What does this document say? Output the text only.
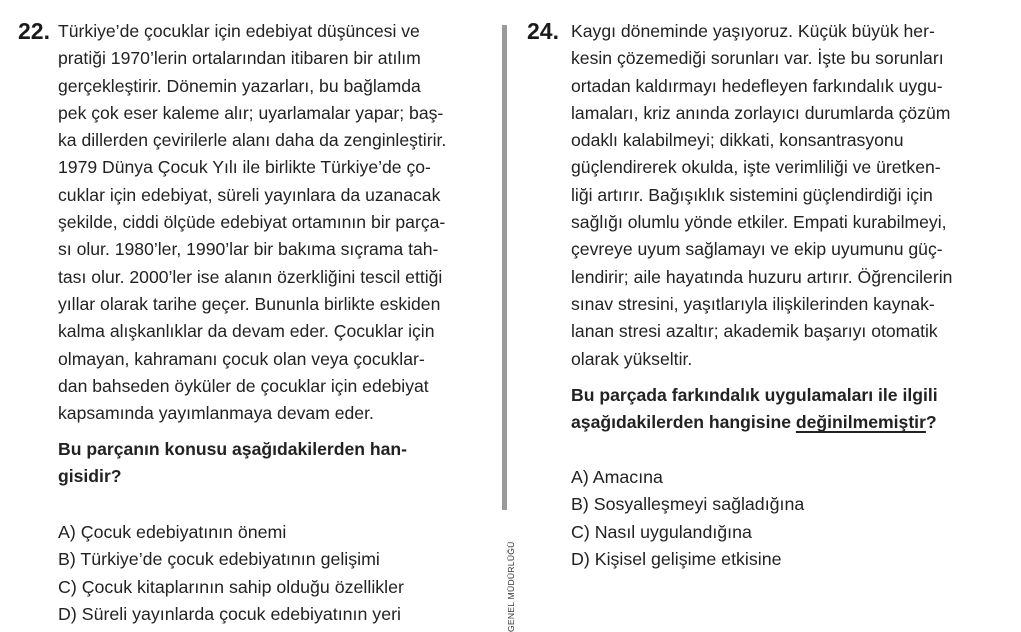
22. Türkiye’de çocuklar için edebiyat düşüncesi ve
pratiği 1970’lerin ortalarından itibaren bir atılım
gerçekleştirir. Dönemin yazarları, bu bağlamda
pek çok eser kaleme alır; uyarlamalar yapar; baş-
ka dillerden çevirilerle alanı daha da zenginleştirir.
1979 Dünya Çocuk Yılı ile birlikte Türkiye’de ço-
cuklar için edebiyat, süreli yayınlara da uzanacak
şekilde, ciddi ölçüde edebiyat ortamının bir parça-
sı olur. 1980’ler, 1990’lar bir bakıma sıçrama tah-
tası olur. 2000’ler ise alanın özerkliğini tescil ettiği
yıllar olarak tarihe geçer. Bununla birlikte eskiden
kalma alışkanlıklar da devam eder. Çocuklar için
olmayan, kahramanı çocuk olan veya çocuklar-
dan bahseden öyküler de çocuklar için edebiyat
kapsamında yayımlanmaya devam eder.
Bu parçanın konusu aşağıdakilerden han-
gisidir?
A) Çocuk edebiyatının önemi
B) Türkiye’de çocuk edebiyatının gelişimi
C) Çocuk kitaplarının sahip olduğu özellikler
D) Süreli yayınlarda çocuk edebiyatının yeri	GENEL MÜDÜRLÜĞÜ
24. Kaygı döneminde yaşıyoruz. Küçük büyük her-
kesin çözemediği sorunları var. İşte bu sorunları
ortadan kaldırmayı hedefleyen farkındalık uygu-
lamaları, kriz anında zorlayıcı durumlarda çözüm
odaklı kalabilmeyi; dikkati, konsantrasyonu
güçlendirerek okulda, işte verimliliği ve üretken-
liği artırır. Bağışıklık sistemini güçlendirdiği için
sağlığı olumlu yönde etkiler. Empati kurabilmeyi,
çevreye uyum sağlamayı ve ekip uyumunu güç-
lendirir; aile hayatında huzuru artırır. Öğrencilerin
sınav stresini, yaşıtlarıyla ilişkilerinden kaynak-
lanan stresi azaltır; akademik başarıyı otomatik
olarak yükseltir.
Bu parçada farkındalık uygulamaları ile ilgili
aşağıdakilerden hangisine değinilmemiştir?
A) Amacına
B) Sosyalleşmeyi sağladığına
C) Nasıl uygulandığına
D) Kişisel gelişime etkisine
